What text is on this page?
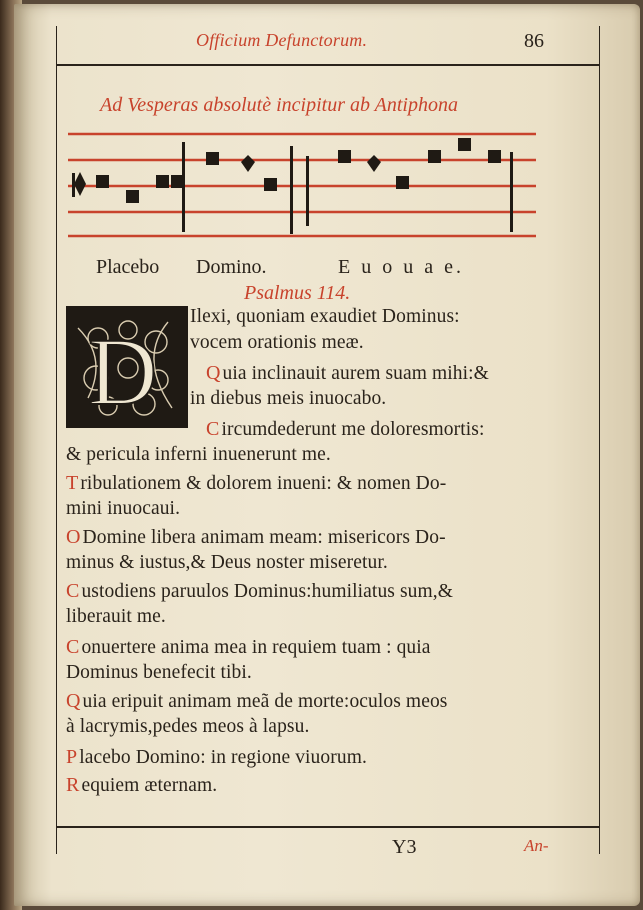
Officium Defunctorum.	86
Ad Vesperas absolutè incipitur ab Antiphona
Placebo Domino.	E u o u a e.
Psalmus 114.
D
Ilexi, quoniam exaudiet Dominus:
vocem orationis meæ.
Q uia inclinauit aurem suam mihi:&
in diebus meis inuocabo.
C ircumdederunt me doloresmortis:
& pericula inferni inuenerunt me.
T ribulationem & dolorem inueni: & nomen Do-
mini inuocaui.
O Domine libera animam meam: misericors Do-
minus & iustus,& Deus noster miseretur.
C ustodiens paruulos Dominus:humiliatus sum,&
liberauit me.
C onuertere anima mea in requiem tuam : quia
Dominus benefecit tibi.
Q uia eripuit animam meã de morte:oculos meos
à lacrymis,pedes meos à lapsu.
P lacebo Domino: in regione viuorum.
R equiem æternam.
Y3	An-
